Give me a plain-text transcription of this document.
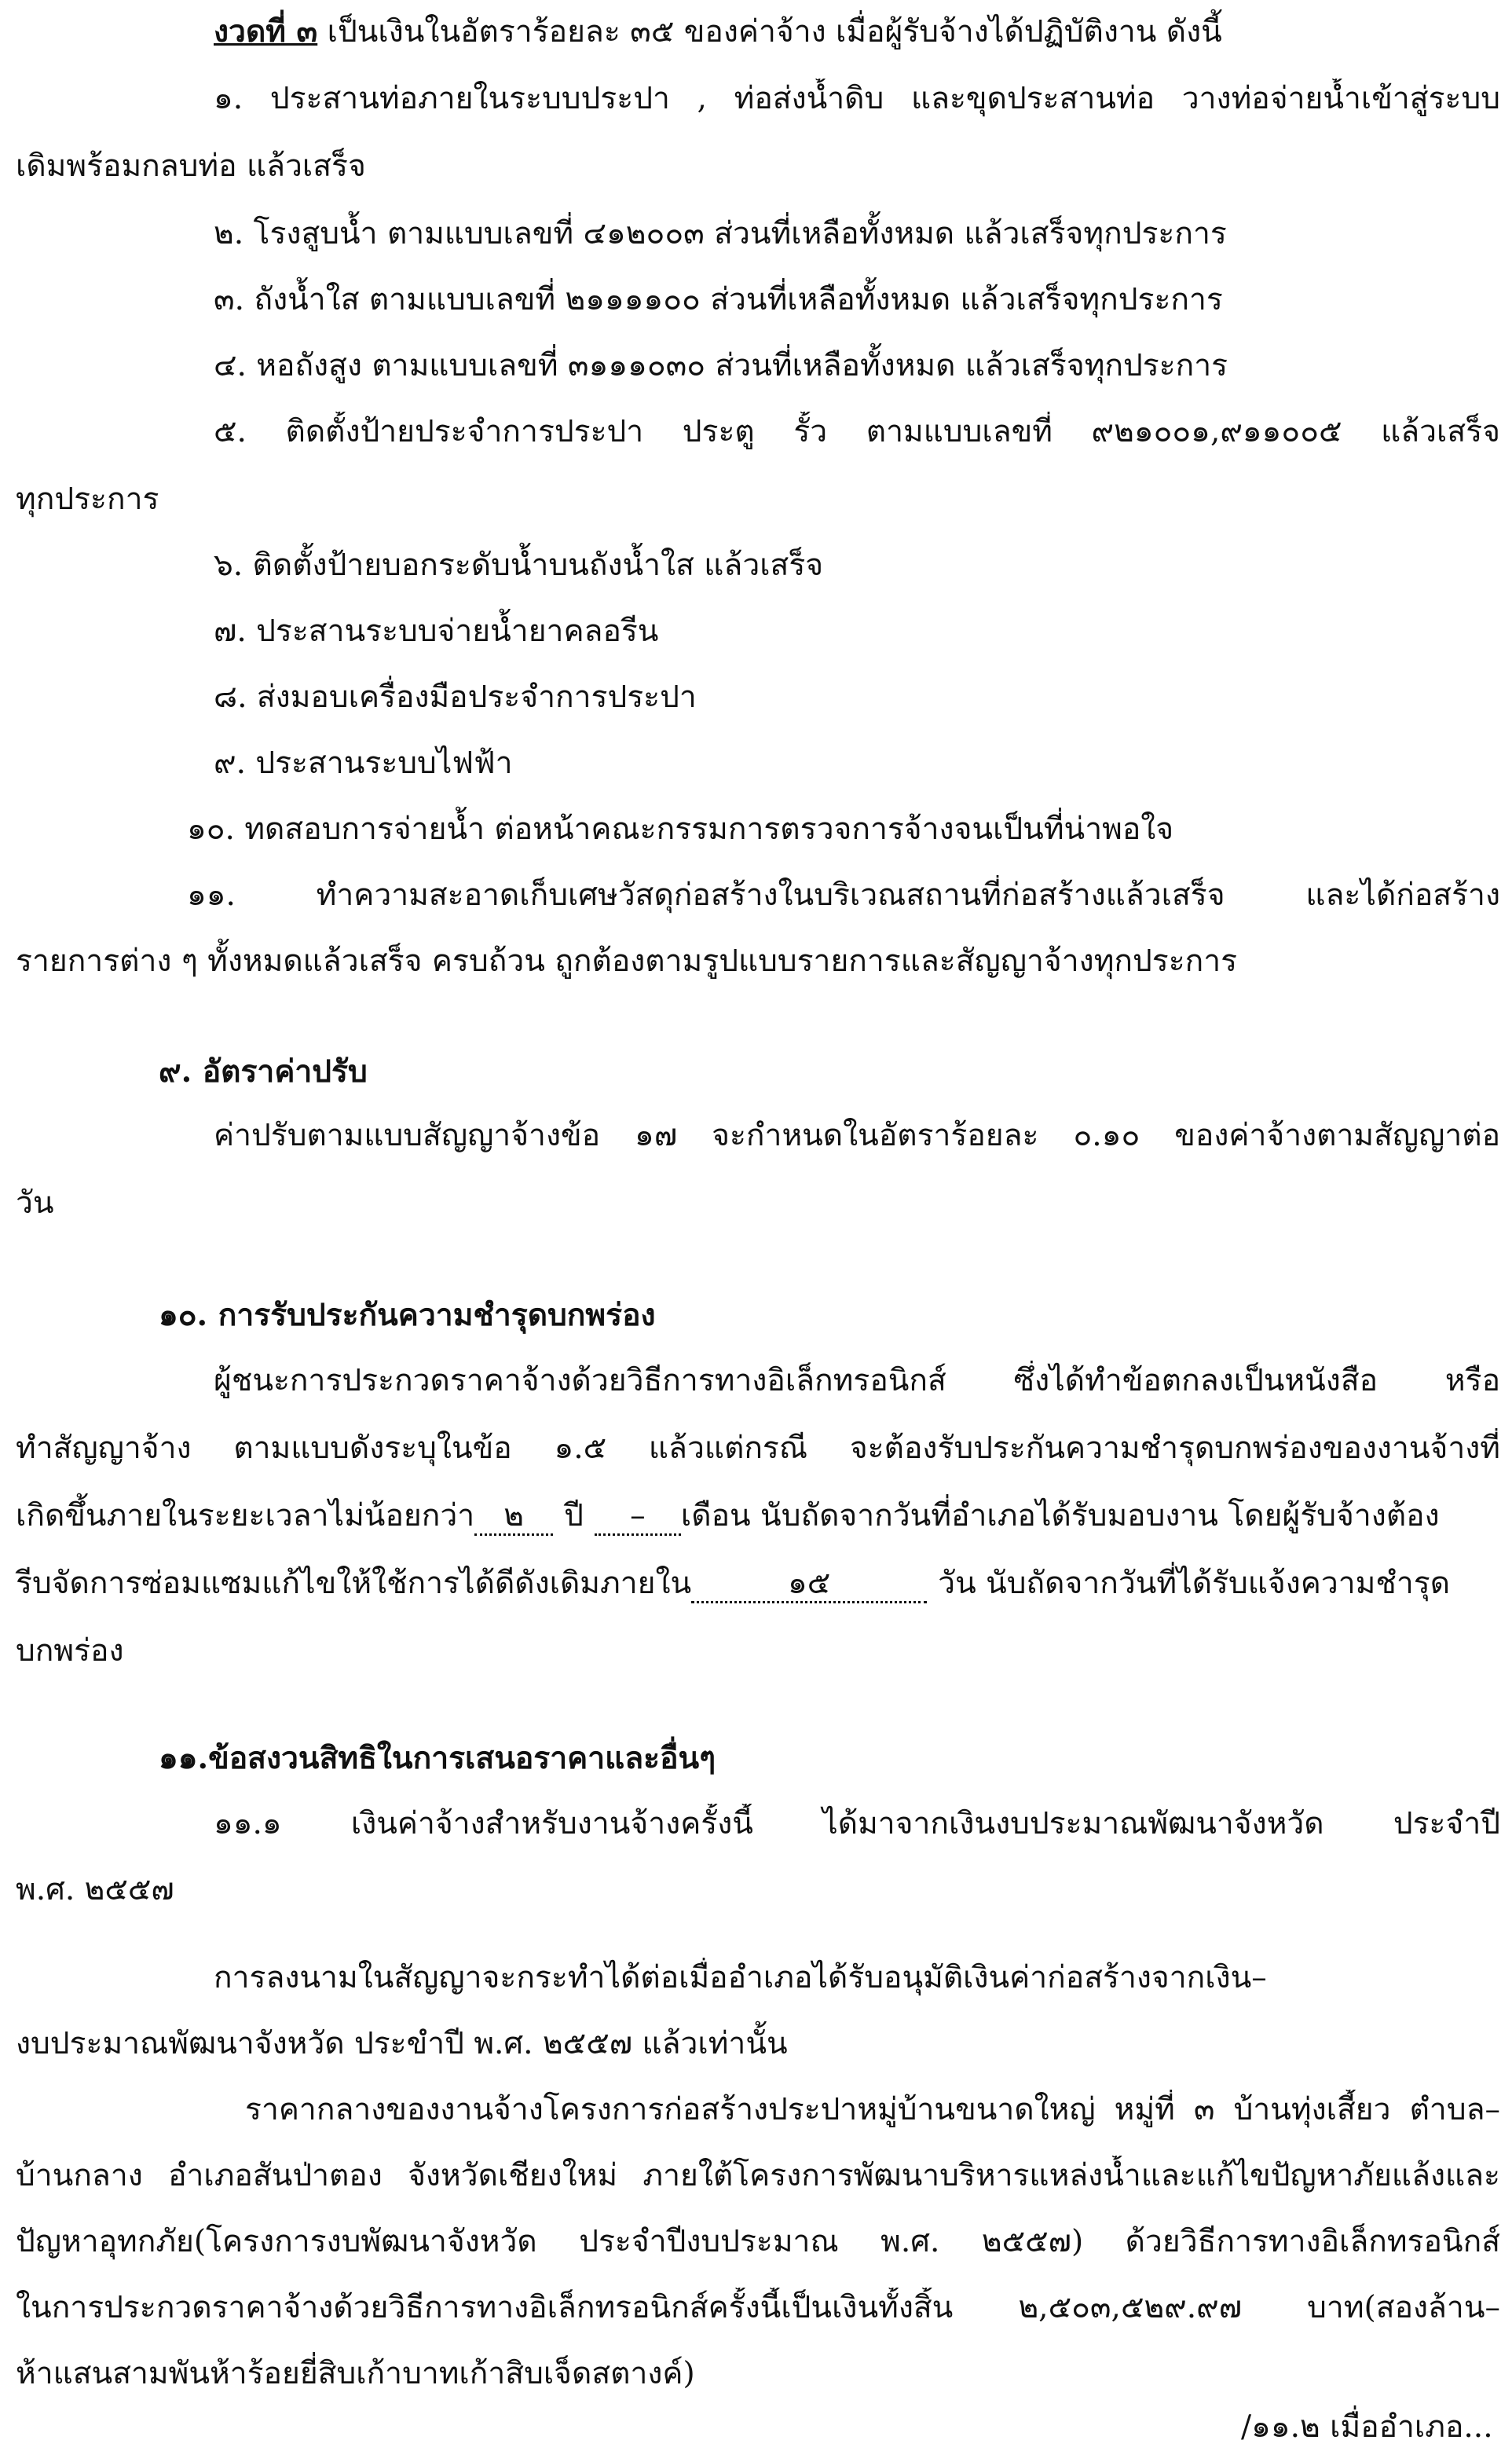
งวดที่ ๓ เป็นเงินในอัตราร้อยละ ๓๕ ของค่าจ้าง เมื่อผู้รับจ้างได้ปฏิบัติงาน ดังนี้
๑. ประสานท่อภายในระบบประปา , ท่อส่งน้ำดิบ และขุดประสานท่อ วางท่อจ่ายน้ำเข้าสู่ระบบ
เดิมพร้อมกลบท่อ แล้วเสร็จ
๒. โรงสูบน้ำ ตามแบบเลขที่ ๔๑๒๐๐๓ ส่วนที่เหลือทั้งหมด แล้วเสร็จทุกประการ
๓. ถังน้ำใส ตามแบบเลขที่ ๒๑๑๑๑๐๐ ส่วนที่เหลือทั้งหมด แล้วเสร็จทุกประการ
๔. หอถังสูง ตามแบบเลขที่ ๓๑๑๑๐๓๐ ส่วนที่เหลือทั้งหมด แล้วเสร็จทุกประการ
๕. ติดตั้งป้ายประจำการประปา ประตู รั้ว ตามแบบเลขที่ ๙๒๑๐๐๑,๙๑๑๐๐๕ แล้วเสร็จ
ทุกประการ
๖. ติดตั้งป้ายบอกระดับน้ำบนถังน้ำใส แล้วเสร็จ
๗. ประสานระบบจ่ายน้ำยาคลอรีน
๘. ส่งมอบเครื่องมือประจำการประปา
๙. ประสานระบบไฟฟ้า
๑๐. ทดสอบการจ่ายน้ำ ต่อหน้าคณะกรรมการตรวจการจ้างจนเป็นที่น่าพอใจ
๑๑. ทำความสะอาดเก็บเศษวัสดุก่อสร้างในบริเวณสถานที่ก่อสร้างแล้วเสร็จ และได้ก่อสร้าง
รายการต่าง ๆ ทั้งหมดแล้วเสร็จ ครบถ้วน ถูกต้องตามรูปแบบรายการและสัญญาจ้างทุกประการ
๙. อัตราค่าปรับ
ค่าปรับตามแบบสัญญาจ้างข้อ ๑๗ จะกำหนดในอัตราร้อยละ ๐.๑๐ ของค่าจ้างตามสัญญาต่อ
วัน
๑๐. การรับประกันความชำรุดบกพร่อง
ผู้ชนะการประกวดราคาจ้างด้วยวิธีการทางอิเล็กทรอนิกส์ ซึ่งได้ทำข้อตกลงเป็นหนังสือ หรือ
ทำสัญญาจ้าง ตามแบบดังระบุในข้อ ๑.๕ แล้วแต่กรณี จะต้องรับประกันความชำรุดบกพร่องของงานจ้างที่
เกิดขึ้นภายในระยะเวลาไม่น้อยกว่า ๒ ปี – เดือน นับถัดจากวันที่อำเภอได้รับมอบงาน โดยผู้รับจ้างต้อง
รีบจัดการซ่อมแซมแก้ไขให้ใช้การได้ดีดังเดิมภายใน	๑๕	วัน นับถัดจากวันที่ได้รับแจ้งความชำรุด
บกพร่อง
๑๑.ข้อสงวนสิทธิในการเสนอราคาและอื่นๆ
๑๑.๑ เงินค่าจ้างสำหรับงานจ้างครั้งนี้ ได้มาจากเงินงบประมาณพัฒนาจังหวัด ประจำปี
พ.ศ. ๒๕๕๗
การลงนามในสัญญาจะกระทำได้ต่อเมื่ออำเภอได้รับอนุมัติเงินค่าก่อสร้างจากเงิน–
งบประมาณพัฒนาจังหวัด ประขำปี พ.ศ. ๒๕๕๗ แล้วเท่านั้น
ราคากลางของงานจ้างโครงการก่อสร้างประปาหมู่บ้านขนาดใหญ่ หมู่ที่ ๓ บ้านทุ่งเสี้ยว ตำบล–
บ้านกลาง อำเภอสันป่าตอง จังหวัดเชียงใหม่ ภายใต้โครงการพัฒนาบริหารแหล่งน้ำและแก้ไขปัญหาภัยแล้งและ
ปัญหาอุทกภัย(โครงการงบพัฒนาจังหวัด ประจำปีงบประมาณ พ.ศ. ๒๕๕๗) ด้วยวิธีการทางอิเล็กทรอนิกส์
ในการประกวดราคาจ้างด้วยวิธีการทางอิเล็กทรอนิกส์ครั้งนี้เป็นเงินทั้งสิ้น ๒,๕๐๓,๕๒๙.๙๗ บาท(สองล้าน–
ห้าแสนสามพันห้าร้อยยี่สิบเก้าบาทเก้าสิบเจ็ดสตางค์)
/๑๑.๒ เมื่ออำเภอ...
